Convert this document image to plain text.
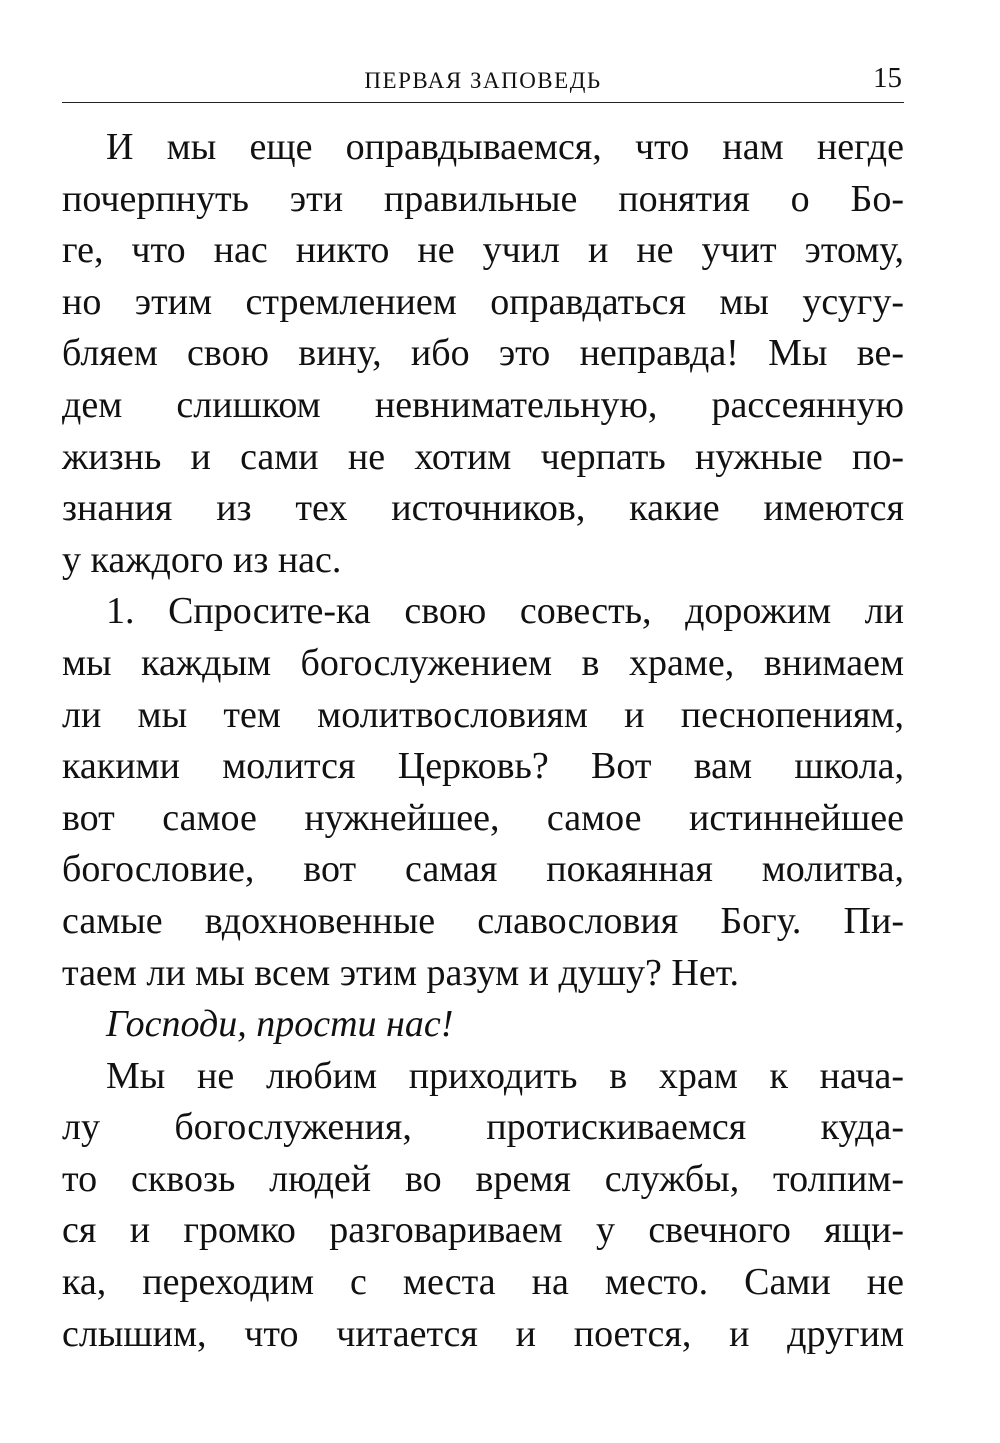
ПЕРВАЯ ЗАПОВЕДЬ	15
И мы еще оправдываемся, что нам негде
почерпнуть эти правильные понятия о Бо-
ге, что нас никто не учил и не учит этому,
но этим стремлением оправдаться мы усугу-
бляем свою вину, ибо это неправда! Мы ве-
дем слишком невнимательную, рассеянную
жизнь и сами не хотим черпать нужные по-
знания из тех источников, какие имеются
у каждого из нас.
1. Спросите-ка свою совесть, дорожим ли
мы каждым богослужением в храме, внимаем
ли мы тем молитвословиям и песнопениям,
какими молится Церковь? Вот вам школа,
вот самое нужнейшее, самое истиннейшее
богословие, вот самая покаянная молитва,
самые вдохновенные славословия Богу. Пи-
таем ли мы всем этим разум и душу? Нет.
Господи, прости нас!
Мы не любим приходить в храм к нача-
лу богослужения, протискиваемся куда-
то сквозь людей во время службы, толпим-
ся и громко разговариваем у свечного ящи-
ка, переходим с места на место. Сами не
слышим, что читается и поется, и другим
